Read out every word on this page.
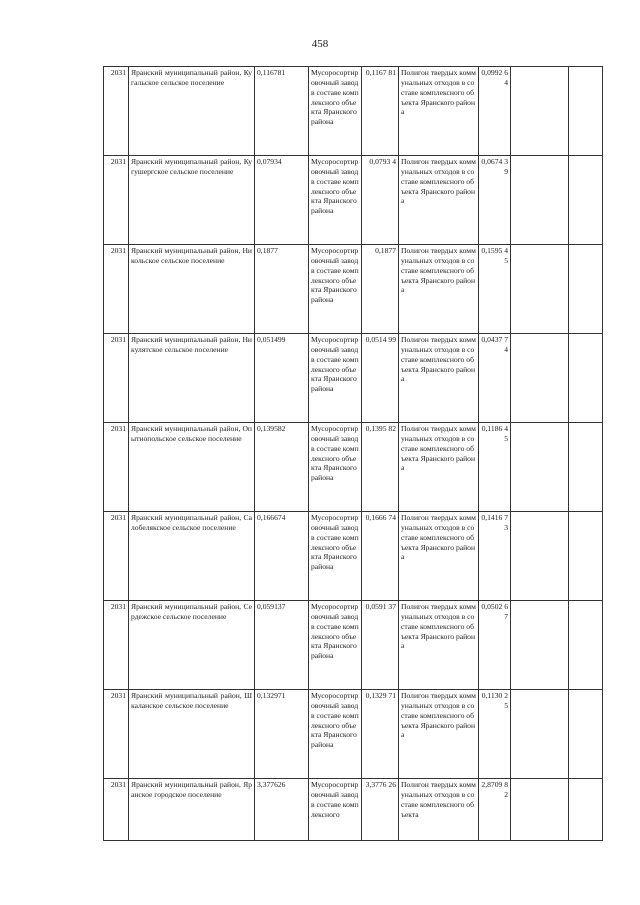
458
2031	Яранский муниципальный район, Кугальское сельское поселение	0,116781	Мусоросортировочный завод в составе комплексного объекта Яранского района	0,1167 81	Полигон твердых коммунальных отходов в составе комплексного объекта Яранского района	0,0992 64		

2031	Яранский муниципальный район, Кугушергское сельское поселение	0,07934	Мусоросортировочный завод в составе комплексного объекта Яранского района	0,0793 4	Полигон твердых коммунальных отходов в составе комплексного объекта Яранского района	0,0674 39		

2031	Яранский муниципальный район, Никольское сельское поселение	0,1877	Мусоросортировочный завод в составе комплексного объекта Яранского района	0,1877	Полигон твердых коммунальных отходов в составе комплексного объекта Яранского района	0,1595 45		

2031	Яранский муниципальный район, Никулятское сельское поселение	0,051499	Мусоросортировочный завод в составе комплексного объекта Яранского района	0,0514 99	Полигон твердых коммунальных отходов в составе комплексного объекта Яранского района	0,0437 74		

2031	Яранский муниципальный район, Опытнопольское сельское поселение	0,139582	Мусоросортировочный завод в составе комплексного объекта Яранского района	0,1395 82	Полигон твердых коммунальных отходов в составе комплексного объекта Яранского района	0,1186 45		

2031	Яранский муниципальный район, Салобелякское сельское поселение	0,166674	Мусоросортировочный завод в составе комплексного объекта Яранского района	0,1666 74	Полигон твердых коммунальных отходов в составе комплексного объекта Яранского района	0,1416 73		

2031	Яранский муниципальный район, Сердежское сельское поселение	0,059137	Мусоросортировочный завод в составе комплексного объекта Яранского района	0,0591 37	Полигон твердых коммунальных отходов в составе комплексного объекта Яранского района	0,0502 67		

2031	Яранский муниципальный район, Шкаланское сельское поселение	0,132971	Мусоросортировочный завод в составе комплексного объекта Яранского района	0,1329 71	Полигон твердых коммунальных отходов в составе комплексного объекта Яранского района	0,1130 25		

2031	Яранский муниципальный район, Яранское городское поселение	3,377626	Мусоросортировочный завод в составе комплексного	3,3776 26	Полигон твердых коммунальных отходов в составе комплексного объекта	2,8709 82		
